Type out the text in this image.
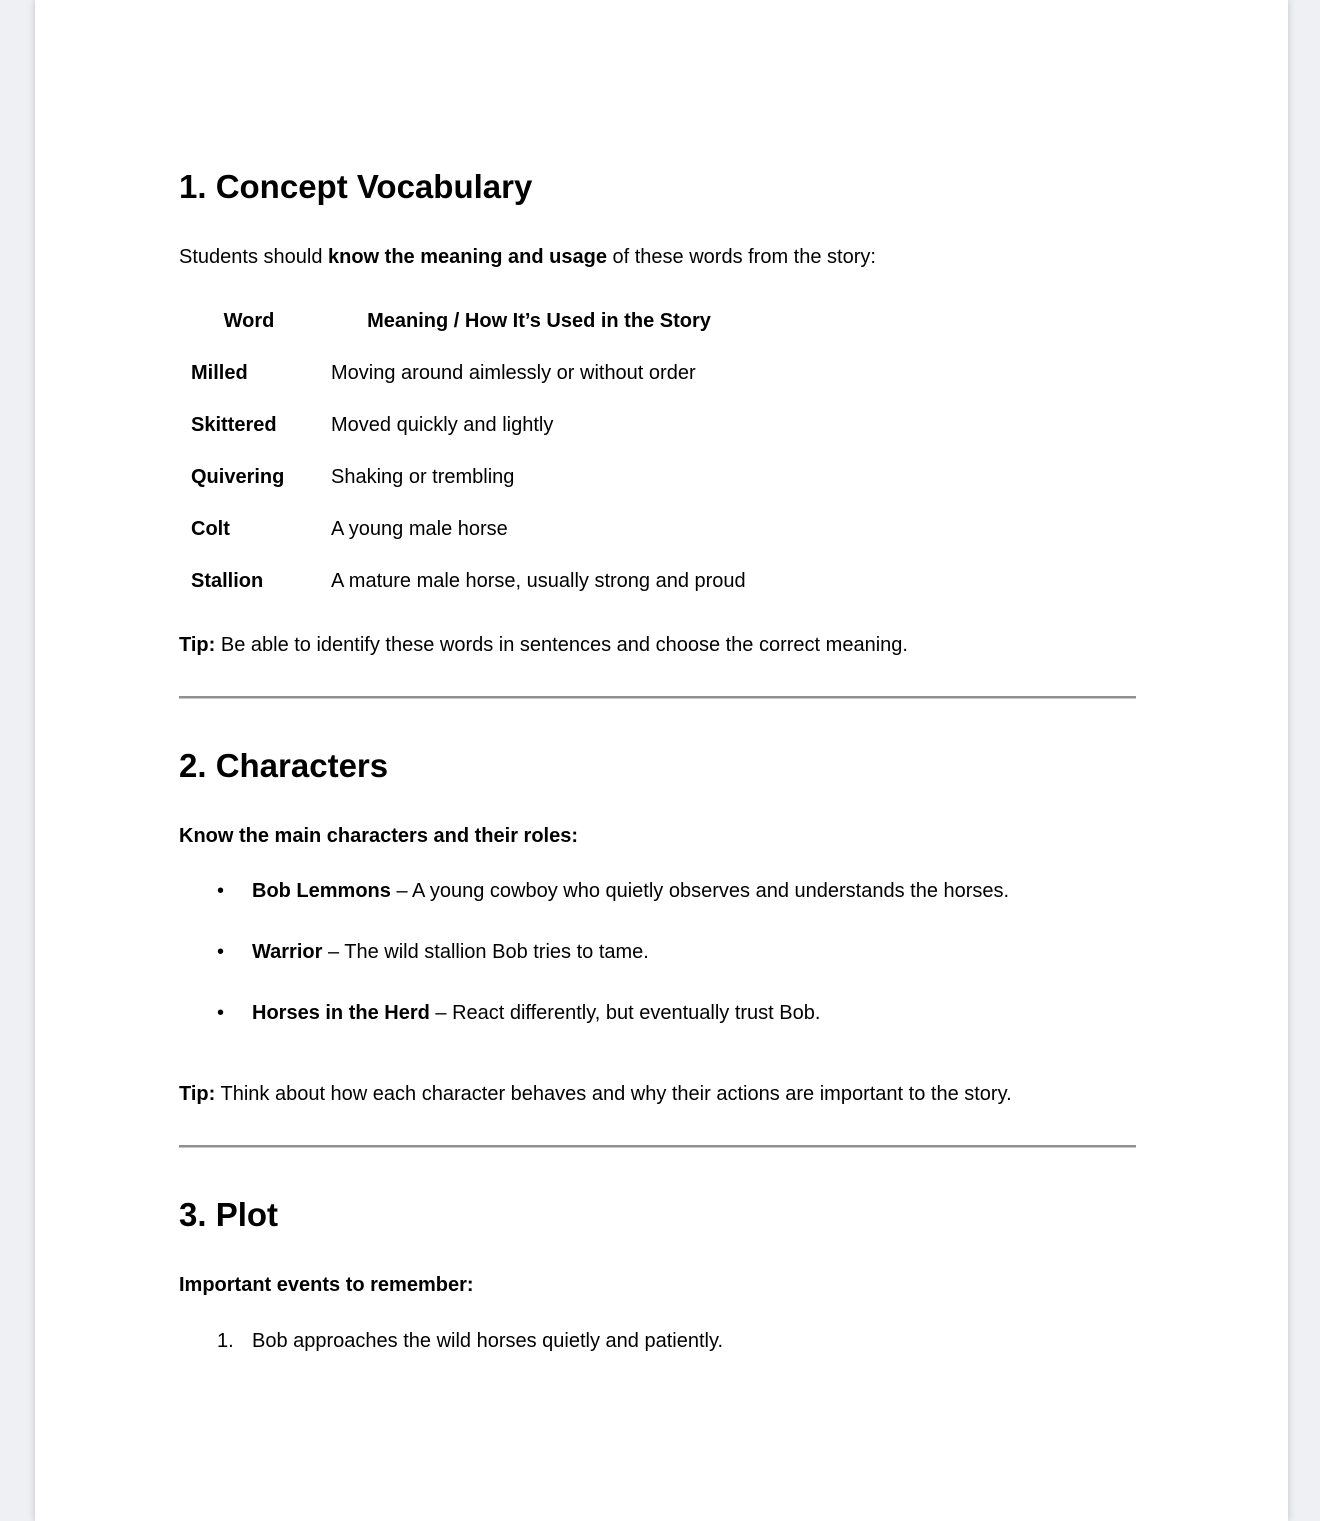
1. Concept Vocabulary

Students should know the meaning and usage of these words from the story:

Word	Meaning / How It’s Used in the Story
Milled	Moving around aimlessly or without order
Skittered	Moved quickly and lightly
Quivering	Shaking or trembling
Colt	A young male horse
Stallion	A mature male horse, usually strong and proud

Tip: Be able to identify these words in sentences and choose the correct meaning.

2. Characters

Know the main characters and their roles:

•	Bob Lemmons – A young cowboy who quietly observes and understands the horses.
•	Warrior – The wild stallion Bob tries to tame.
•	Horses in the Herd – React differently, but eventually trust Bob.

Tip: Think about how each character behaves and why their actions are important to the story.

3. Plot

Important events to remember:

1. Bob approaches the wild horses quietly and patiently.
